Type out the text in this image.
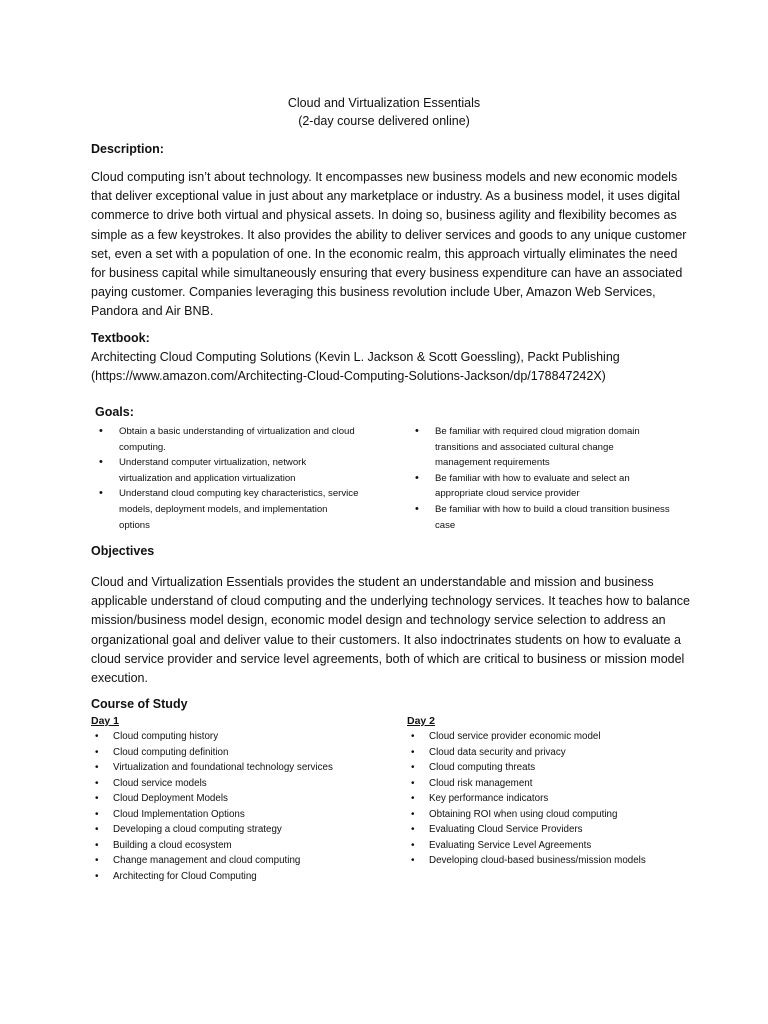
Cloud and Virtualization Essentials
(2-day course delivered online)
Description:
Cloud computing isn’t about technology. It encompasses new business models and new economic models that deliver exceptional value in just about any marketplace or industry. As a business model, it uses digital commerce to drive both virtual and physical assets. In doing so, business agility and flexibility becomes as simple as a few keystrokes. It also provides the ability to deliver services and goods to any unique customer set, even a set with a population of one. In the economic realm, this approach virtually eliminates the need for business capital while simultaneously ensuring that every business expenditure can have an associated paying customer. Companies leveraging this business revolution include Uber, Amazon Web Services, Pandora and Air BNB.
Textbook:
Architecting Cloud Computing Solutions (Kevin L. Jackson & Scott Goessling), Packt Publishing
(https://www.amazon.com/Architecting-Cloud-Computing-Solutions-Jackson/dp/178847242X)
Goals:
• Obtain a basic understanding of virtualization and cloud computing.
• Understand computer virtualization, network virtualization and application virtualization
• Understand cloud computing key characteristics, service models, deployment models, and implementation options
• Be familiar with required cloud migration domain transitions and associated cultural change management requirements
• Be familiar with how to evaluate and select an appropriate cloud service provider
• Be familiar with how to build a cloud transition business case
Objectives
Cloud and Virtualization Essentials provides the student an understandable and mission and business applicable understand of cloud computing and the underlying technology services. It teaches how to balance mission/business model design, economic model design and technology service selection to address an organizational goal and deliver value to their customers. It also indoctrinates students on how to evaluate a cloud service provider and service level agreements, both of which are critical to business or mission model execution.
Course of Study
Day 1
• Cloud computing history
• Cloud computing definition
• Virtualization and foundational technology services
• Cloud service models
• Cloud Deployment Models
• Cloud Implementation Options
• Developing a cloud computing strategy
• Building a cloud ecosystem
• Change management and cloud computing
• Architecting for Cloud Computing
Day 2
• Cloud service provider economic model
• Cloud data security and privacy
• Cloud computing threats
• Cloud risk management
• Key performance indicators
• Obtaining ROI when using cloud computing
• Evaluating Cloud Service Providers
• Evaluating Service Level Agreements
• Developing cloud-based business/mission models
